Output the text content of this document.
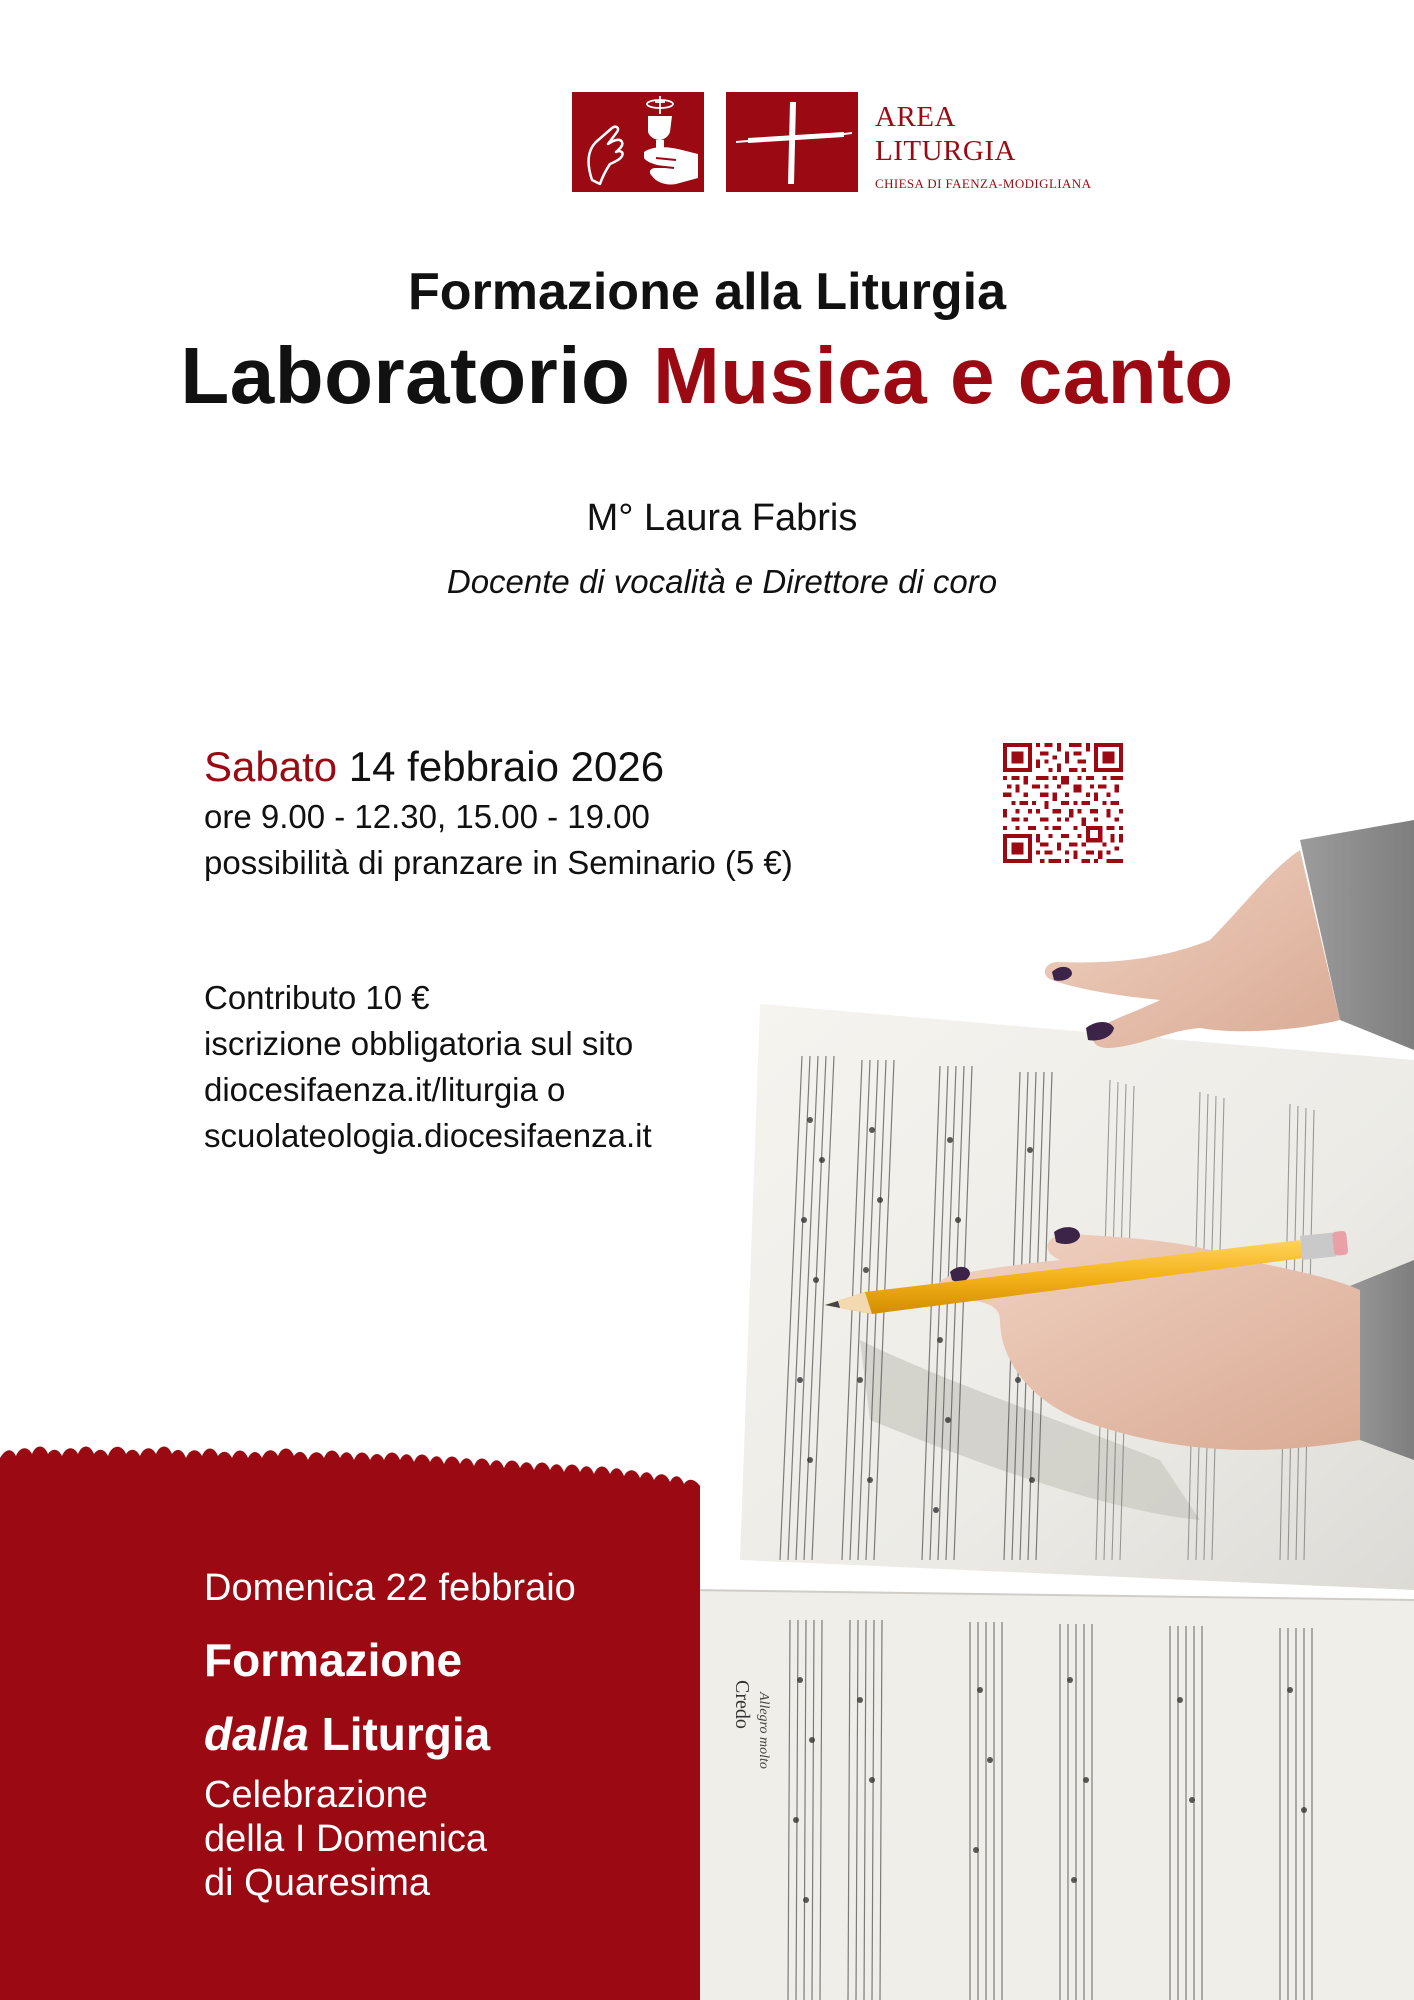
AREA
LITURGIA
CHIESA DI FAENZA-MODIGLIANA
Formazione alla Liturgia
Laboratorio Musica e canto
M° Laura Fabris
Docente di vocalità e Direttore di coro
Sabato 14 febbraio 2026
ore 9.00 - 12.30, 15.00 - 19.00
possibilità di pranzare in Seminario (5 €)
Contributo 10 €
iscrizione obbligatoria sul sito
diocesifaenza.it/liturgia o
scuolateologia.diocesifaenza.it
Credo Allegro molto
Domenica 22 febbraio
Formazione
dalla Liturgia
Celebrazione
della I Domenica
di Quaresima
